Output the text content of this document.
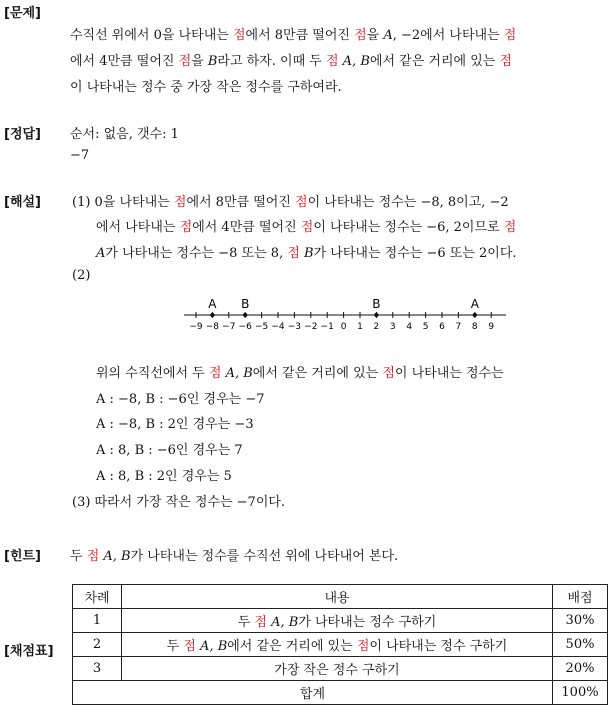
[문제]
[정답]
[해설]
[힌트]
[채점표]
수직선 위에서 0을 나타내는 점에서 8만큼 떨어진 점을 A, −2에서 나타내는 점
에서 4만큼 떨어진 점을 B라고 하자. 이때 두 점 A, B에서 같은 거리에 있는 점
이 나타내는 정수 중 가장 작은 정수를 구하여라.
순서: 없음, 갯수: 1
−7
(1) 0을 나타내는 점에서 8만큼 떨어진 점이 나타내는 정수는 −8, 8이고, −2
에서 나타내는 점에서 4만큼 떨어진 점이 나타내는 정수는 −6, 2이므로 점
A가 나타내는 정수는 −8 또는 8, 점 B가 나타내는 정수는 −6 또는 2이다.
(2)
−9 −8 −7 −6 −5 −4 −3 −2 −1 0 1 2 3 4 5 6 7 8 9
A B	B	A
위의 수직선에서 두 점 A, B에서 같은 거리에 있는 점이 나타내는 정수는
A : −8, B : −6인 경우는 −7
A : −8, B : 2인 경우는 −3
A : 8, B : −6인 경우는 7
A : 8, B : 2인 경우는 5
(3) 따라서 가장 작은 정수는 −7이다.
두 점 A, B가 나타내는 정수를 수직선 위에 나타내어 본다.
차례	내용	배점
1	두 점 A, B가 나타내는 정수 구하기	30%
2	두 점 A, B에서 같은 거리에 있는 점이 나타내는 정수 구하기	50%
3	가장 작은 정수 구하기	20%
합계		100%
